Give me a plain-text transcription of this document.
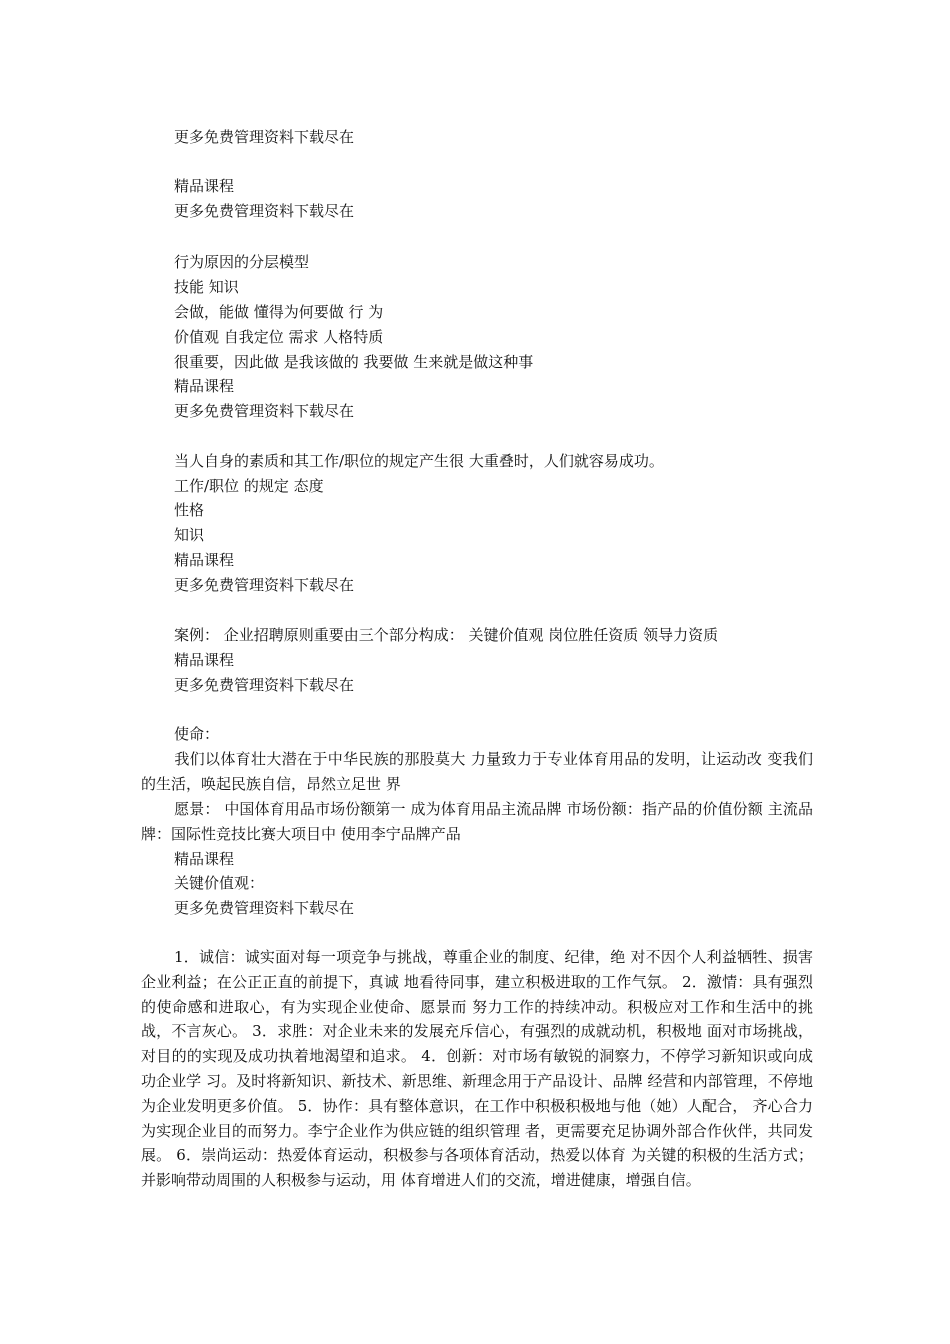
更多免费管理资料下载尽在
精品课程
更多免费管理资料下载尽在
行为原因的分层模型
技能 知识
会做，能做 懂得为何要做 行 为
价值观 自我定位 需求 人格特质
很重要，因此做 是我该做的 我要做 生来就是做这种事
精品课程
更多免费管理资料下载尽在
当人自身的素质和其工作/职位的规定产生很 大重叠时，人们就容易成功。
工作/职位 的规定 态度
性格
知识
精品课程
更多免费管理资料下载尽在
案例： 企业招聘原则重要由三个部分构成： 关键价值观 岗位胜任资质 领导力资质
精品课程
更多免费管理资料下载尽在
使命：

我们以体育壮大潜在于中华民族的那股莫大 力量致力于专业体育用品的发明，让运动改 变我们的生活，唤起民族自信，昂然立足世 界

愿景： 中国体育用品市场份额第一 成为体育用品主流品牌 市场份额：指产品的价值份额 主流品牌：国际性竞技比赛大项目中 使用李宁品牌产品

精品课程
关键价值观：
更多免费管理资料下载尽在

1．诚信：诚实面对每一项竞争与挑战，尊重企业的制度、纪律，绝 对不因个人利益牺牲、损害企业利益；在公正正直的前提下，真诚 地看待同事，建立积极进取的工作气氛。 2．激情：具有强烈的使命感和进取心，有为实现企业使命、愿景而 努力工作的持续冲动。积极应对工作和生活中的挑战，不言灰心。 3．求胜：对企业未来的发展充斥信心，有强烈的成就动机，积极地 面对市场挑战，对目的的实现及成功执着地渴望和追求。 4．创新：对市场有敏锐的洞察力，不停学习新知识或向成功企业学 习。及时将新知识、新技术、新思维、新理念用于产品设计、品牌 经营和内部管理，不停地为企业发明更多价值。 5．协作：具有整体意识，在工作中积极积极地与他（她）人配合， 齐心合力为实现企业目的而努力。李宁企业作为供应链的组织管理 者，更需要充足协调外部合作伙伴，共同发展。 6．崇尚运动：热爱体育运动，积极参与各项体育活动，热爱以体育 为关键的积极的生活方式；并影响带动周围的人积极参与运动，用 体育增进人们的交流，增进健康，增强自信。
